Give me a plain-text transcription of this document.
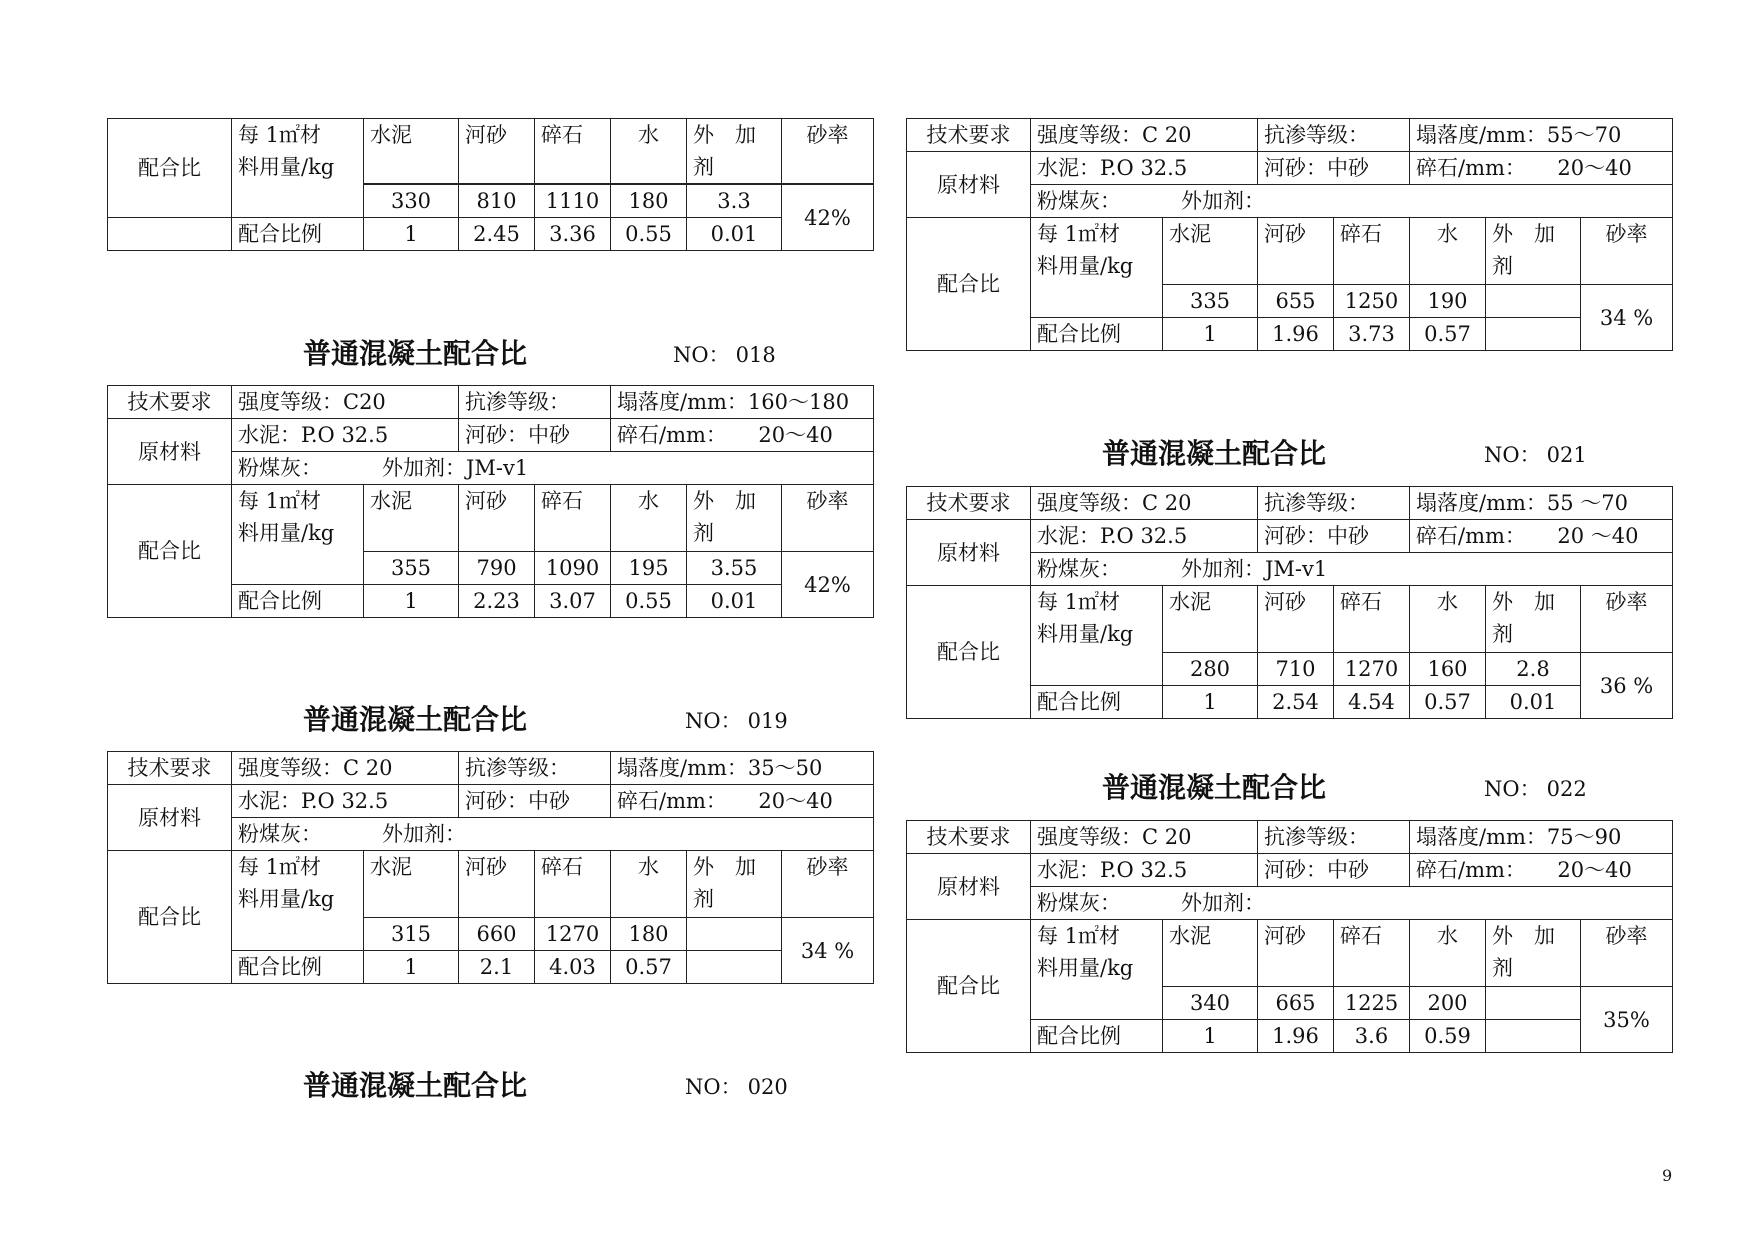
配合比	每 1㎡材
料用量/kg	水泥	河砂	碎石	水	外　加
剂	砂率

		330	810	1110	180	3.3	42%
	配合比例	1	2.45	3.36	0.55	0.01	
普通混凝土配合比	NO： 018
技术要求	强度等级：C20		抗渗等级：		塌落度/mm：160～180		
原材料	水泥：P.O 32.5		河砂：中砂		碎石/mm：　　20～40		
	粉煤灰： 外加剂：JM-v1						
配合比	每 1㎡材
料用量/kg	水泥	河砂	碎石	水	外　加
剂	砂率
		355	790	1090	195	3.55	42%
	配合比例	1	2.23	3.07	0.55	0.01	
普通混凝土配合比	NO： 019
技术要求	强度等级：C 20		抗渗等级：		塌落度/mm：35～50		
原材料	水泥：P.O 32.5		河砂：中砂		碎石/mm：　　20～40		
	粉煤灰： 外加剂：						
配合比	每 1㎡材
料用量/kg	水泥	河砂	碎石	水	外　加
剂	砂率
		315	660	1270	180		34 %
	配合比例	1	2.1	4.03	0.57		
普通混凝土配合比	NO： 020
技术要求	强度等级：C 20		抗渗等级：		塌落度/mm：55～70		
原材料	水泥：P.O 32.5		河砂：中砂		碎石/mm：　　20～40		
	粉煤灰： 外加剂：						
配合比	每 1㎡材
料用量/kg	水泥	河砂	碎石	水	外　加
剂	砂率
		335	655	1250	190		34 %
	配合比例	1	1.96	3.73	0.57		
普通混凝土配合比	NO： 021
技术要求	强度等级：C 20		抗渗等级：		塌落度/mm：55 ～70		
原材料	水泥：P.O 32.5		河砂：中砂		碎石/mm：　　20 ～40		
	粉煤灰： 外加剂：JM-v1						
配合比	每 1㎡材
料用量/kg	水泥	河砂	碎石	水	外　加
剂	砂率
		280	710	1270	160	2.8	36 %
	配合比例	1	2.54	4.54	0.57	0.01	
普通混凝土配合比	NO： 022
技术要求	强度等级：C 20		抗渗等级：		塌落度/mm：75～90		
原材料	水泥：P.O 32.5		河砂：中砂		碎石/mm：　　20～40		
	粉煤灰： 外加剂：						
配合比	每 1㎡材
料用量/kg	水泥	河砂	碎石	水	外　加
剂	砂率
		340	665	1225	200		35%
	配合比例	1	1.96	3.6	0.59		
9
